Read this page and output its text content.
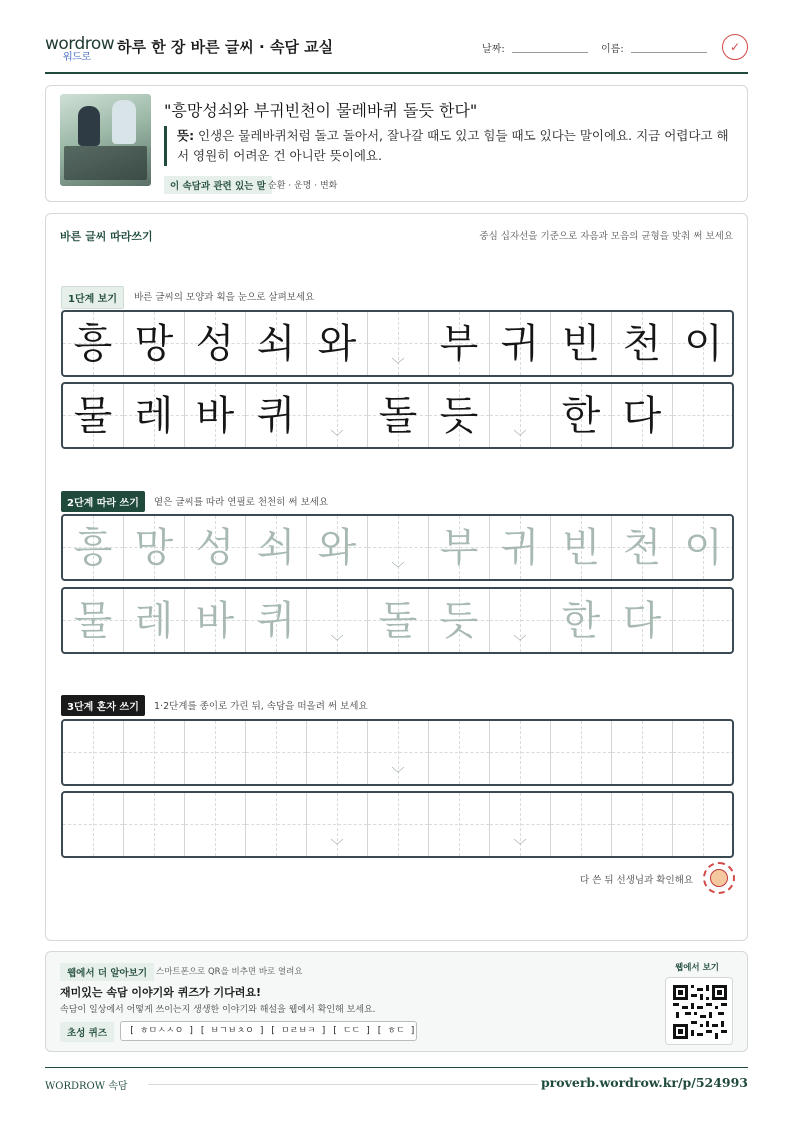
wordrow
워드로
하루 한 장 바른 글씨 · 속담 교실	날짜:	이름:	✓
"흥망성쇠와 부귀빈천이 물레바퀴 돌듯 한다"
뜻: 인생은 물레바퀴처럼 돌고 돌아서, 잘나갈 때도 있고 힘들 때도 있다는 말이에요. 지금 어렵다고 해서 영원히 어려운 건 아니란 뜻이에요.
이 속담과 관련 있는 말 순환 · 운명 · 변화
바른 글씨 따라쓰기	중심 십자선을 기준으로 자음과 모음의 균형을 맞춰 써 보세요
1단계 보기	바른 글씨의 모양과 획을 눈으로 살펴보세요
흥 망 성 쇠 와	﹀ 부 귀 빈 천 이
물 레 바 퀴	﹀ 돌 듯	﹀ 한 다
2단계 따라 쓰기	옅은 글씨를 따라 연필로 천천히 써 보세요
흥 망 성 쇠 와	﹀ 부 귀 빈 천 이
물 레 바 퀴	﹀ 돌 듯	﹀ 한 다
3단계 혼자 쓰기	1·2단계를 종이로 가린 뒤, 속담을 떠올려 써 보세요
﹀
﹀	﹀
다 쓴 뒤 선생님과 확인해요
웹에서 더 알아보기	스마트폰으로 QR을 비추면 바로 열려요
재미있는 속담 이야기와 퀴즈가 기다려요!
속담이 일상에서 어떻게 쓰이는지 생생한 이야기와 해설을 웹에서 확인해 보세요.
초성 퀴즈	[ ㅎㅁㅅㅅㅇ ] [ ㅂㄱㅂㅊㅇ ] [ ㅁㄹㅂㅋ ] [ ㄷㄷ ] [ ㅎㄷ ]
웹에서 보기
WORDROW 속담	proverb.wordrow.kr/p/524993
